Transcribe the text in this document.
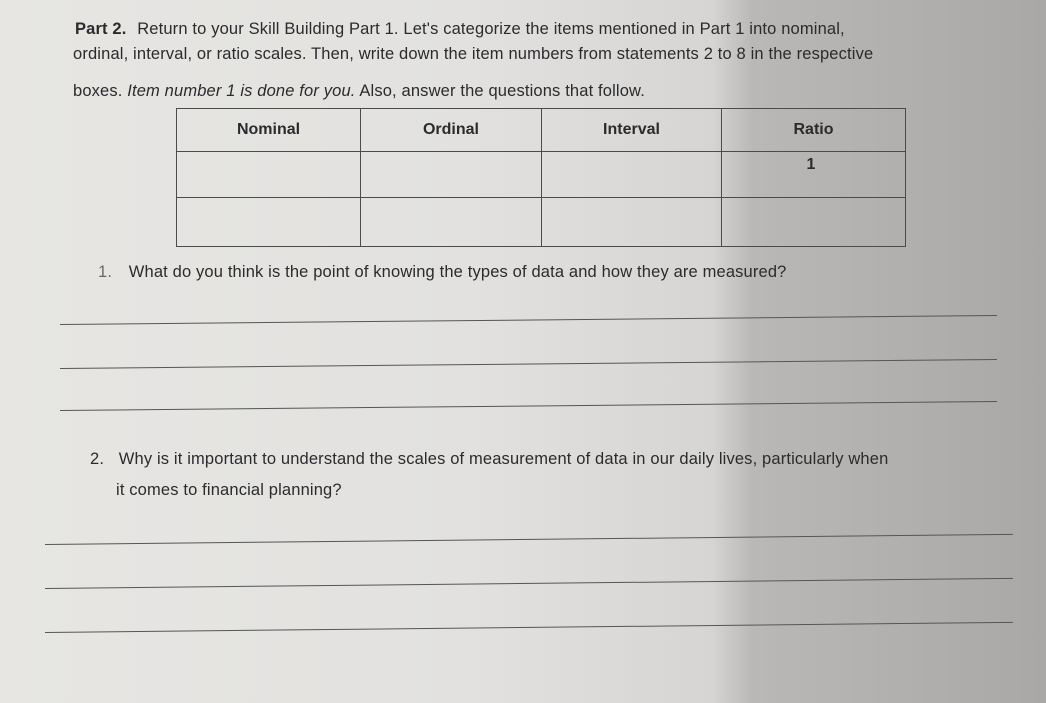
Part 2. Return to your Skill Building Part 1. Let's categorize the items mentioned in Part 1 into nominal,
ordinal, interval, or ratio scales. Then, write down the item numbers from statements 2 to 8 in the respective
boxes. Item number 1 is done for you. Also, answer the questions that follow.
Nominal	Ordinal	Interval	Ratio
			1

1. What do you think is the point of knowing the types of data and how they are measured?
2. Why is it important to understand the scales of measurement of data in our daily lives, particularly when
it comes to financial planning?
